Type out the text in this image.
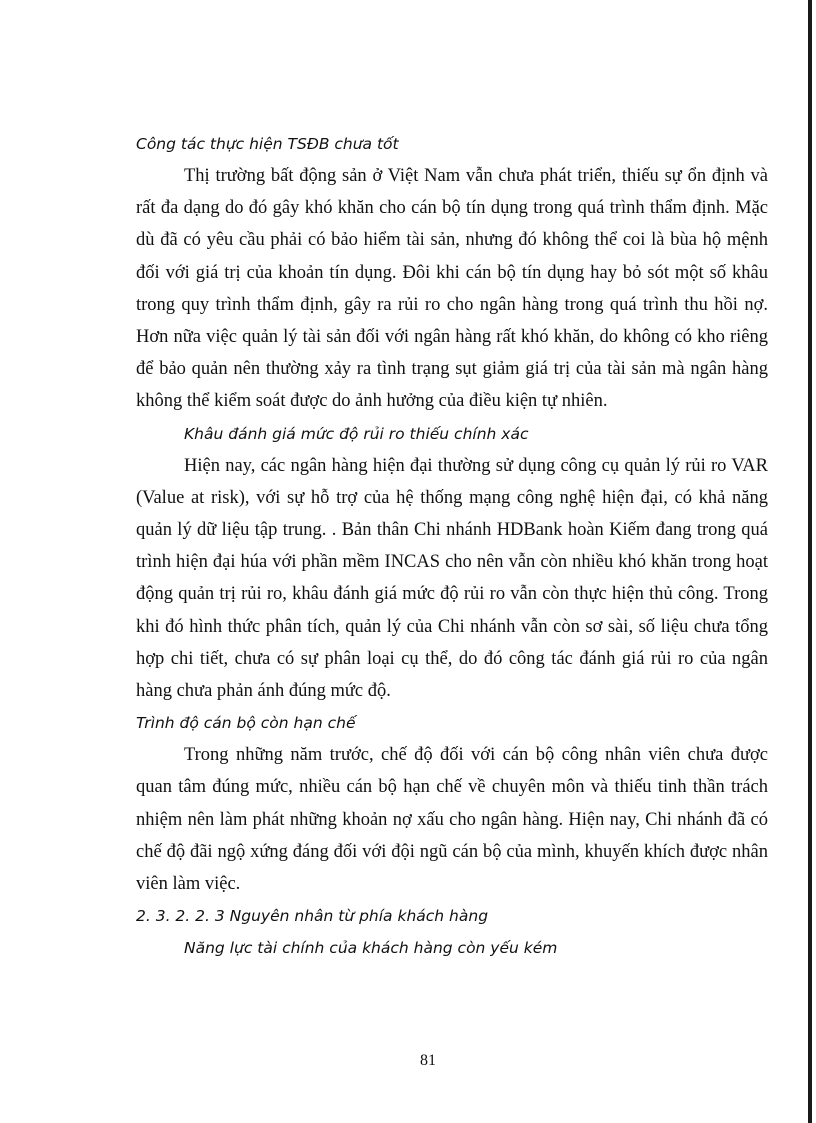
Công tác thực hiện TSĐB chưa tốt

Thị trường bất động sản ở Việt Nam vẫn chưa phát triển, thiếu sự ổn định và rất đa dạng do đó gây khó khăn cho cán bộ tín dụng trong quá trình thẩm định. Mặc dù đã có yêu cầu phải có bảo hiểm tài sản, nhưng đó không thể coi là bùa hộ mệnh đối với giá trị của khoản tín dụng. Đôi khi cán bộ tín dụng hay bỏ sót một số khâu trong quy trình thẩm định, gây ra rủi ro cho ngân hàng trong quá trình thu hồi nợ. Hơn nữa việc quản lý tài sản đối với ngân hàng rất khó khăn, do không có kho riêng để bảo quản nên thường xảy ra tình trạng sụt giảm giá trị của tài sản mà ngân hàng không thể kiểm soát được do ảnh hưởng của điều kiện tự nhiên.

Khâu đánh giá mức độ rủi ro thiếu chính xác

Hiện nay, các ngân hàng hiện đại thường sử dụng công cụ quản lý rủi ro VAR (Value at risk), với sự hỗ trợ của hệ thống mạng công nghệ hiện đại, có khả năng quản lý dữ liệu tập trung. . Bản thân Chi nhánh HDBank hoàn Kiếm đang trong quá trình hiện đại húa với phần mềm INCAS cho nên vẫn còn nhiều khó khăn trong hoạt động quản trị rủi ro, khâu đánh giá mức độ rủi ro vẫn còn thực hiện thủ công. Trong khi đó hình thức phân tích, quản lý của Chi nhánh vẫn còn sơ sài, số liệu chưa tổng hợp chi tiết, chưa có sự phân loại cụ thể, do đó công tác đánh giá rủi ro của ngân hàng chưa phản ánh đúng mức độ.

Trình độ cán bộ còn hạn chế

Trong những năm trước, chế độ đối với cán bộ công nhân viên chưa được quan tâm đúng mức, nhiều cán bộ hạn chế về chuyên môn và thiếu tinh thần trách nhiệm nên làm phát những khoản nợ xấu cho ngân hàng. Hiện nay, Chi nhánh đã có chế độ đãi ngộ xứng đáng đối với đội ngũ cán bộ của mình, khuyến khích được nhân viên làm việc.

2. 3. 2. 2. 3 Nguyên nhân từ phía khách hàng

Năng lực tài chính của khách hàng còn yếu kém

81
